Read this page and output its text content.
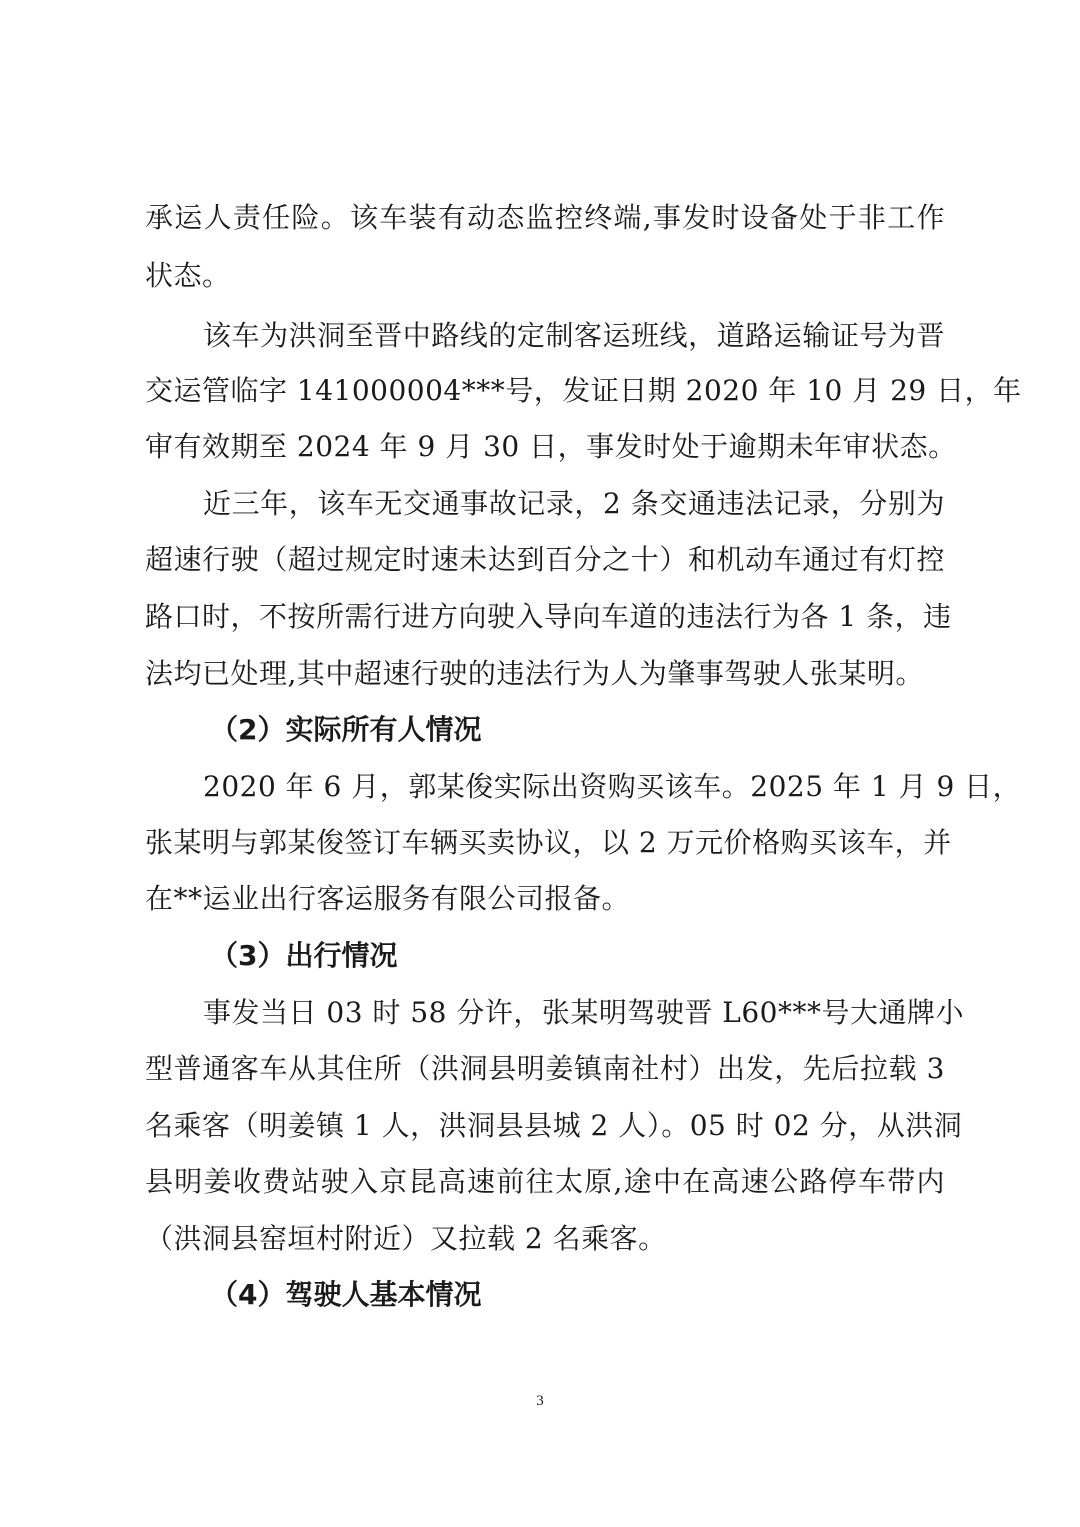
承运人责任险。该车装有动态监控终端,事发时设备处于非工作
状态。
该车为洪洞至晋中路线的定制客运班线，道路运输证号为晋
交运管临字 141000004***号，发证日期 2020 年 10 月 29 日，年
审有效期至 2024 年 9 月 30 日，事发时处于逾期未年审状态。
近三年，该车无交通事故记录，2 条交通违法记录，分别为
超速行驶（超过规定时速未达到百分之十）和机动车通过有灯控
路口时，不按所需行进方向驶入导向车道的违法行为各 1 条，违
法均已处理,其中超速行驶的违法行为人为肇事驾驶人张某明。
（2）实际所有人情况
2020 年 6 月，郭某俊实际出资购买该车。2025 年 1 月 9 日，
张某明与郭某俊签订车辆买卖协议，以 2 万元价格购买该车，并
在**运业出行客运服务有限公司报备。
（3）出行情况
事发当日 03 时 58 分许，张某明驾驶晋 L60***号大通牌小
型普通客车从其住所（洪洞县明姜镇南社村）出发，先后拉载 3
名乘客（明姜镇 1 人，洪洞县县城 2 人）。05 时 02 分，从洪洞
县明姜收费站驶入京昆高速前往太原,途中在高速公路停车带内
（洪洞县窑垣村附近）又拉载 2 名乘客。
（4）驾驶人基本情况
3
